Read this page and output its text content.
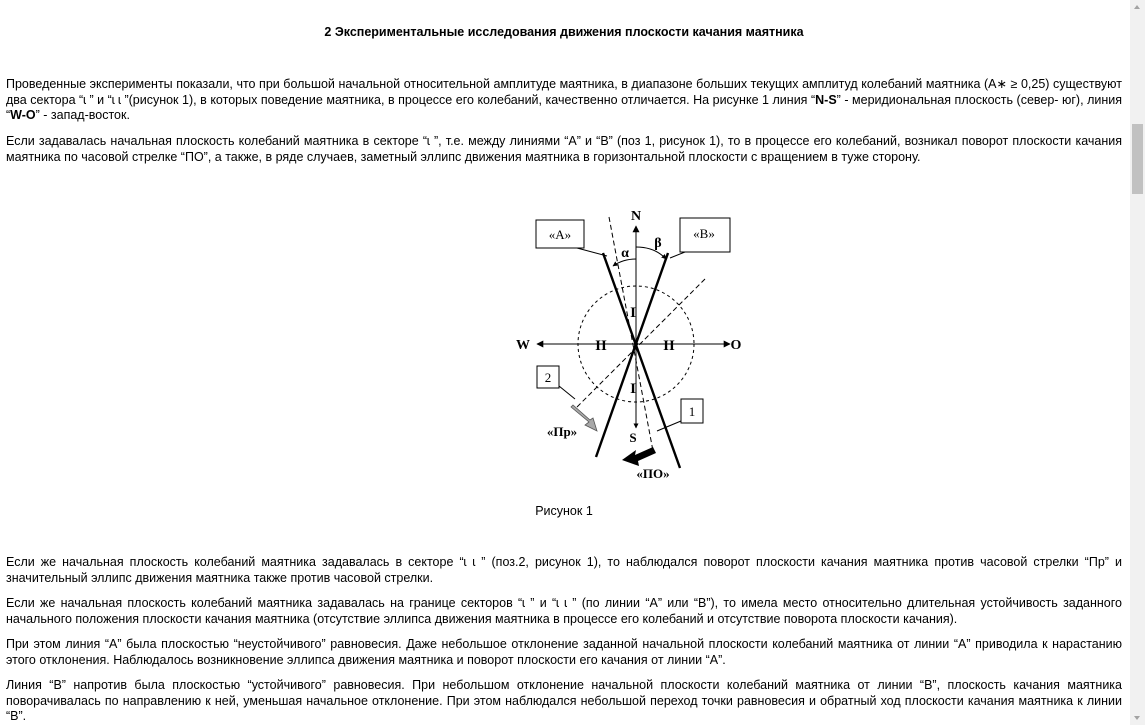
2 Экспериментальные исследования движения плоскости качания маятника

Проведенные эксперименты показали, что при большой начальной относительной амплитуде маятника, в диапазоне больших текущих амплитуд колебаний маятника (A∗ ≥ 0,25) существуют два сектора “ɩ ” и “ɩ ɩ ”(рисунок 1), в которых поведение маятника, в процессе его колебаний, качественно отличается. На рисунке 1 линия “N-S” - меридиональная плоскость (север- юг), линия “W-O” - запад-восток.

Если задавалась начальная плоскость колебаний маятника в секторе “ɩ ”, т.е. между линиями “A” и “B” (поз 1, рисунок 1), то в процессе его колебаний, возникал поворот плоскости качания маятника по часовой стрелке “ПО”, а также, в ряде случаев, заметный эллипс движения маятника в горизонтальной плоскости с вращением в туже сторону.

Если же начальная плоскость колебаний маятника задавалась в секторе “ɩ ɩ ” (поз.2, рисунок 1), то наблюдался поворот плоскости качания маятника против часовой стрелки “Пр” и значительный эллипс движения маятника также против часовой стрелки.

Если же начальная плоскость колебаний маятника задавалась на границе секторов “ɩ ” и “ɩ ɩ ” (по линии “A” или “B”), то имела место относительно длительная устойчивость заданного начального положения плоскости качания маятника (отсутствие эллипса движения маятника в процессе его колебаний и отсутствие поворота плоскости качания).

При этом линия “A” была плоскостью “неустойчивого” равновесия. Даже небольшое отклонение заданной начальной плоскости колебаний маятника от линии “A” приводила к нарастанию этого отклонения. Наблюдалось возникновение эллипса движения маятника и поворот плоскости его качания от линии “A”.

Линия “B” напротив была плоскостью “устойчивого” равновесия. При небольшом отклонение начальной плоскости колебаний маятника от линии “B”, плоскость качания маятника поворачивалась по направлению к ней, уменьшая начальное отклонение. При этом наблюдался небольшой переход точки равновесия и обратный ход плоскости качания маятника к линии “B”.

«A»	«B»
N
S
W	O
α
β
I
I
II	II
2
1
«Пр»
«ПО»
Рисунок 1
